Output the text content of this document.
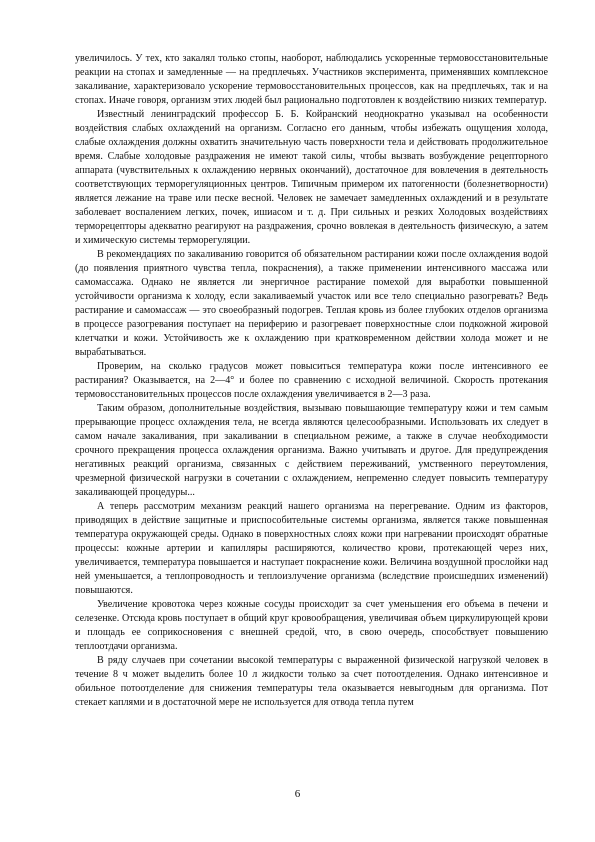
увеличилось. У тех, кто закалял только стопы, наоборот, наблюдались ускоренные термовосстановительные реакции на стопах и замедленные — на предплечьях. Участников эксперимента, применявших комплексное закаливание, характеризовало ускорение термовосстановительных процессов, как на предплечьях, так и на стопах. Иначе говоря, организм этих людей был рационально подготовлен к воздействию низких температур.

Известный ленинградский профессор Б. Б. Койранский неоднократно указывал на особенности воздействия слабых охлаждений на организм. Согласно его данным, чтобы избежать ощущения холода, слабые охлаждения должны охватить значительную часть поверхности тела и действовать продолжительное время. Слабые холодовые раздражения не имеют такой силы, чтобы вызвать возбуждение рецепторного аппарата (чувствительных к охлаждению нервных окончаний), достаточное для вовлечения в деятельность соответствующих терморегуляционных центров. Типичным примером их патогенности (болезнетворности) является лежание на траве или песке весной. Человек не замечает замедленных охлаждений и в результате заболевает воспалением легких, почек, ишиасом и т. д. При сильных и резких Холодовых воздействиях терморецепторы адекватно реагируют на раздражения, срочно вовлекая в деятельность физическую, а затем и химическую системы терморегуляции.

В рекомендациях по закаливанию говорится об обязательном растирании кожи после охлаждения водой (до появления приятного чувства тепла, покраснения), а также применении интенсивного массажа или самомассажа. Однако не является ли энергичное растирание помехой для выработки повышенной устойчивости организма к холоду, если закаливаемый участок или все тело специально разогревать? Ведь растирание и самомассаж — это своеобразный подогрев. Теплая кровь из более глубоких отделов организма в процессе разогревания поступает на периферию и разогревает поверхностные слои подкожной жировой клетчатки и кожи. Устойчивость же к охлаждению при кратковременном действии холода может и не вырабатываться.

Проверим, на сколько градусов может повыситься температура кожи после интенсивного ее растирания? Оказывается, на 2—4° и более по сравнению с исходной величиной. Скорость протекания термовосстановительных процессов после охлаждения увеличивается в 2—3 раза.

Таким образом, дополнительные воздействия, вызываю повышающие температуру кожи и тем самым прерывающие процесс охлаждения тела, не всегда являются целесообразными. Использовать их следует в самом начале закаливания, при закаливании в специальном режиме, а также в случае необходимости срочного прекращения процесса охлаждения организма. Важно учитывать и другое. Для предупреждения негативных реакций организма, связанных с действием переживаний, умственного переутомления, чрезмерной физической нагрузки в сочетании с охлаждением, непременно следует повысить температуру закаливающей процедуры...

А теперь рассмотрим механизм реакций нашего организма на перегревание. Одним из факторов, приводящих в действие защитные и приспособительные системы организма, является также повышенная температура окружающей среды. Однако в поверхностных слоях кожи при нагревании происходят обратные процессы: кожные артерии и капилляры расширяются, количество крови, протекающей через них, увеличивается, температура повышается и наступает покраснение кожи. Величина воздушной прослойки над ней уменьшается, а теплопроводность и теплоизлучение организма (вследствие происшедших изменений) повышаются.

Увеличение кровотока через кожные сосуды происходит за счет уменьшения его объема в печени и селезенке. Отсюда кровь поступает в общий круг кровообращения, увеличивая объем циркулирующей крови и площадь ее соприкосновения с внешней средой, что, в свою очередь, способствует повышению теплоотдачи организма.

В ряду случаев при сочетании высокой температуры с выраженной физической нагрузкой человек в течение 8 ч может выделить более 10 л жидкости только за счет потоотделения. Однако интенсивное и обильное потоотделение для снижения температуры тела оказывается невыгодным для организма. Пот стекает каплями и в достаточной мере не используется для отвода тепла путем

6
